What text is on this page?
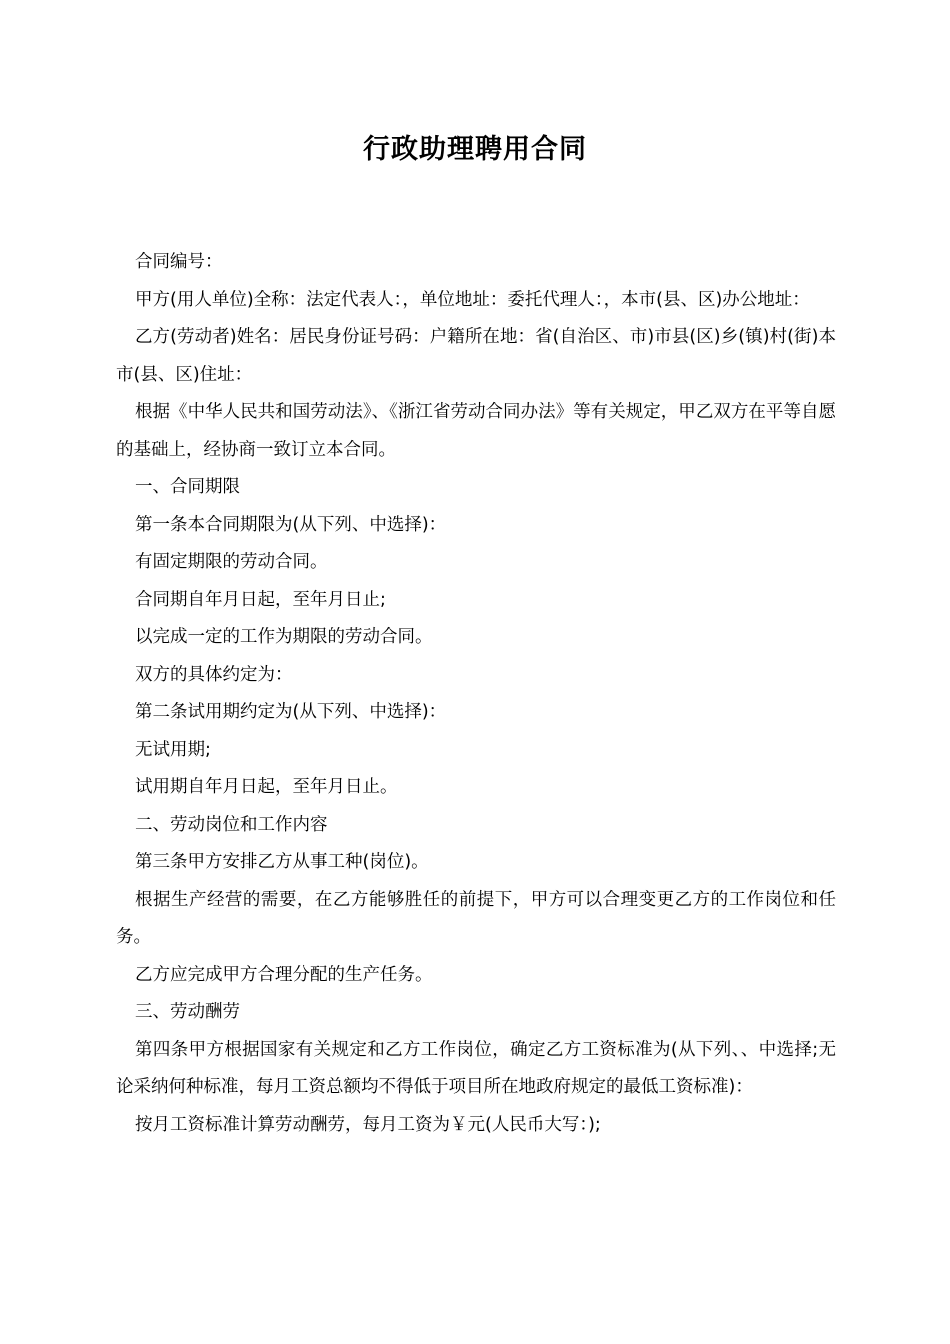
行政助理聘用合同

合同编号：

甲方(用人单位)全称：法定代表人：，单位地址：委托代理人：，本市(县、区)办公地址：

乙方(劳动者)姓名：居民身份证号码：户籍所在地：省(自治区、市)市县(区)乡(镇)村(街)本市(县、区)住址：

根据《中华人民共和国劳动法》、《浙江省劳动合同办法》等有关规定，甲乙双方在平等自愿的基础上，经协商一致订立本合同。

一、合同期限

第一条本合同期限为(从下列、中选择)：

有固定期限的劳动合同。

合同期自年月日起，至年月日止;

以完成一定的工作为期限的劳动合同。

双方的具体约定为：

第二条试用期约定为(从下列、中选择)：

无试用期;

试用期自年月日起，至年月日止。

二、劳动岗位和工作内容

第三条甲方安排乙方从事工种(岗位)。

根据生产经营的需要，在乙方能够胜任的前提下，甲方可以合理变更乙方的工作岗位和任务。

乙方应完成甲方合理分配的生产任务。

三、劳动酬劳

第四条甲方根据国家有关规定和乙方工作岗位，确定乙方工资标准为(从下列、、中选择;无论采纳何种标准，每月工资总额均不得低于项目所在地政府规定的最低工资标准)：

按月工资标准计算劳动酬劳，每月工资为￥元(人民币大写：);
